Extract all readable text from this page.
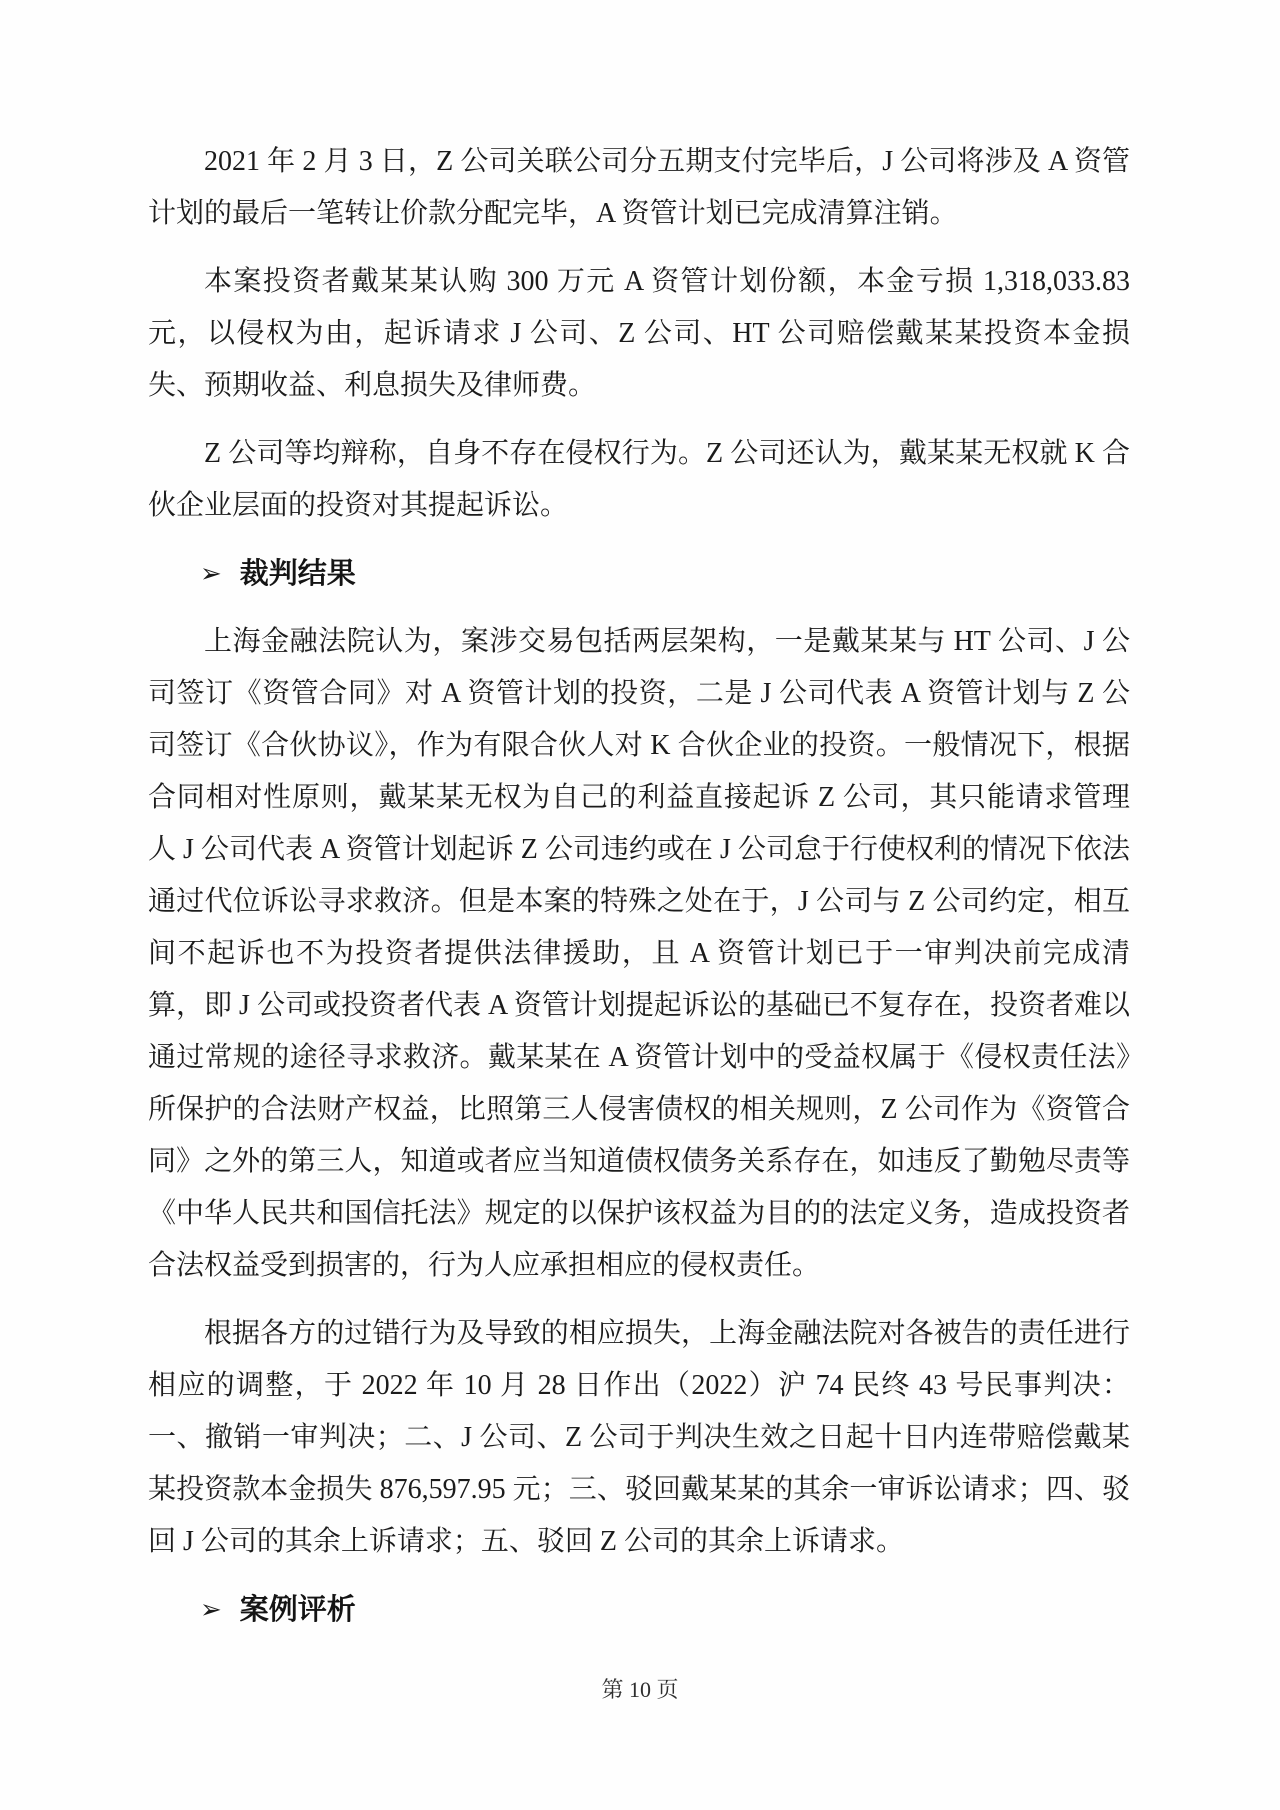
2021 年 2 月 3 日，Z 公司关联公司分五期支付完毕后，J 公司将涉及 A 资管计划的最后一笔转让价款分配完毕，A 资管计划已完成清算注销。

本案投资者戴某某认购 300 万元 A 资管计划份额，本金亏损 1,318,033.83 元，以侵权为由，起诉请求 J 公司、Z 公司、HT 公司赔偿戴某某投资本金损失、预期收益、利息损失及律师费。

Z 公司等均辩称，自身不存在侵权行为。Z 公司还认为，戴某某无权就 K 合伙企业层面的投资对其提起诉讼。

➢ 裁判结果

上海金融法院认为，案涉交易包括两层架构，一是戴某某与 HT 公司、J 公司签订《资管合同》对 A 资管计划的投资，二是 J 公司代表 A 资管计划与 Z 公司签订《合伙协议》，作为有限合伙人对 K 合伙企业的投资。一般情况下，根据合同相对性原则，戴某某无权为自己的利益直接起诉 Z 公司，其只能请求管理人 J 公司代表 A 资管计划起诉 Z 公司违约或在 J 公司怠于行使权利的情况下依法通过代位诉讼寻求救济。但是本案的特殊之处在于，J 公司与 Z 公司约定，相互间不起诉也不为投资者提供法律援助，且 A 资管计划已于一审判决前完成清算，即 J 公司或投资者代表 A 资管计划提起诉讼的基础已不复存在，投资者难以通过常规的途径寻求救济。戴某某在 A 资管计划中的受益权属于《侵权责任法》所保护的合法财产权益，比照第三人侵害债权的相关规则，Z 公司作为《资管合同》之外的第三人，知道或者应当知道债权债务关系存在，如违反了勤勉尽责等《中华人民共和国信托法》规定的以保护该权益为目的的法定义务，造成投资者合法权益受到损害的，行为人应承担相应的侵权责任。

根据各方的过错行为及导致的相应损失，上海金融法院对各被告的责任进行相应的调整，于 2022 年 10 月 28 日作出（2022）沪 74 民终 43 号民事判决：一、撤销一审判决；二、J 公司、Z 公司于判决生效之日起十日内连带赔偿戴某某投资款本金损失 876,597.95 元；三、驳回戴某某的其余一审诉讼请求；四、驳回 J 公司的其余上诉请求；五、驳回 Z 公司的其余上诉请求。

➢ 案例评析
第 10 页
